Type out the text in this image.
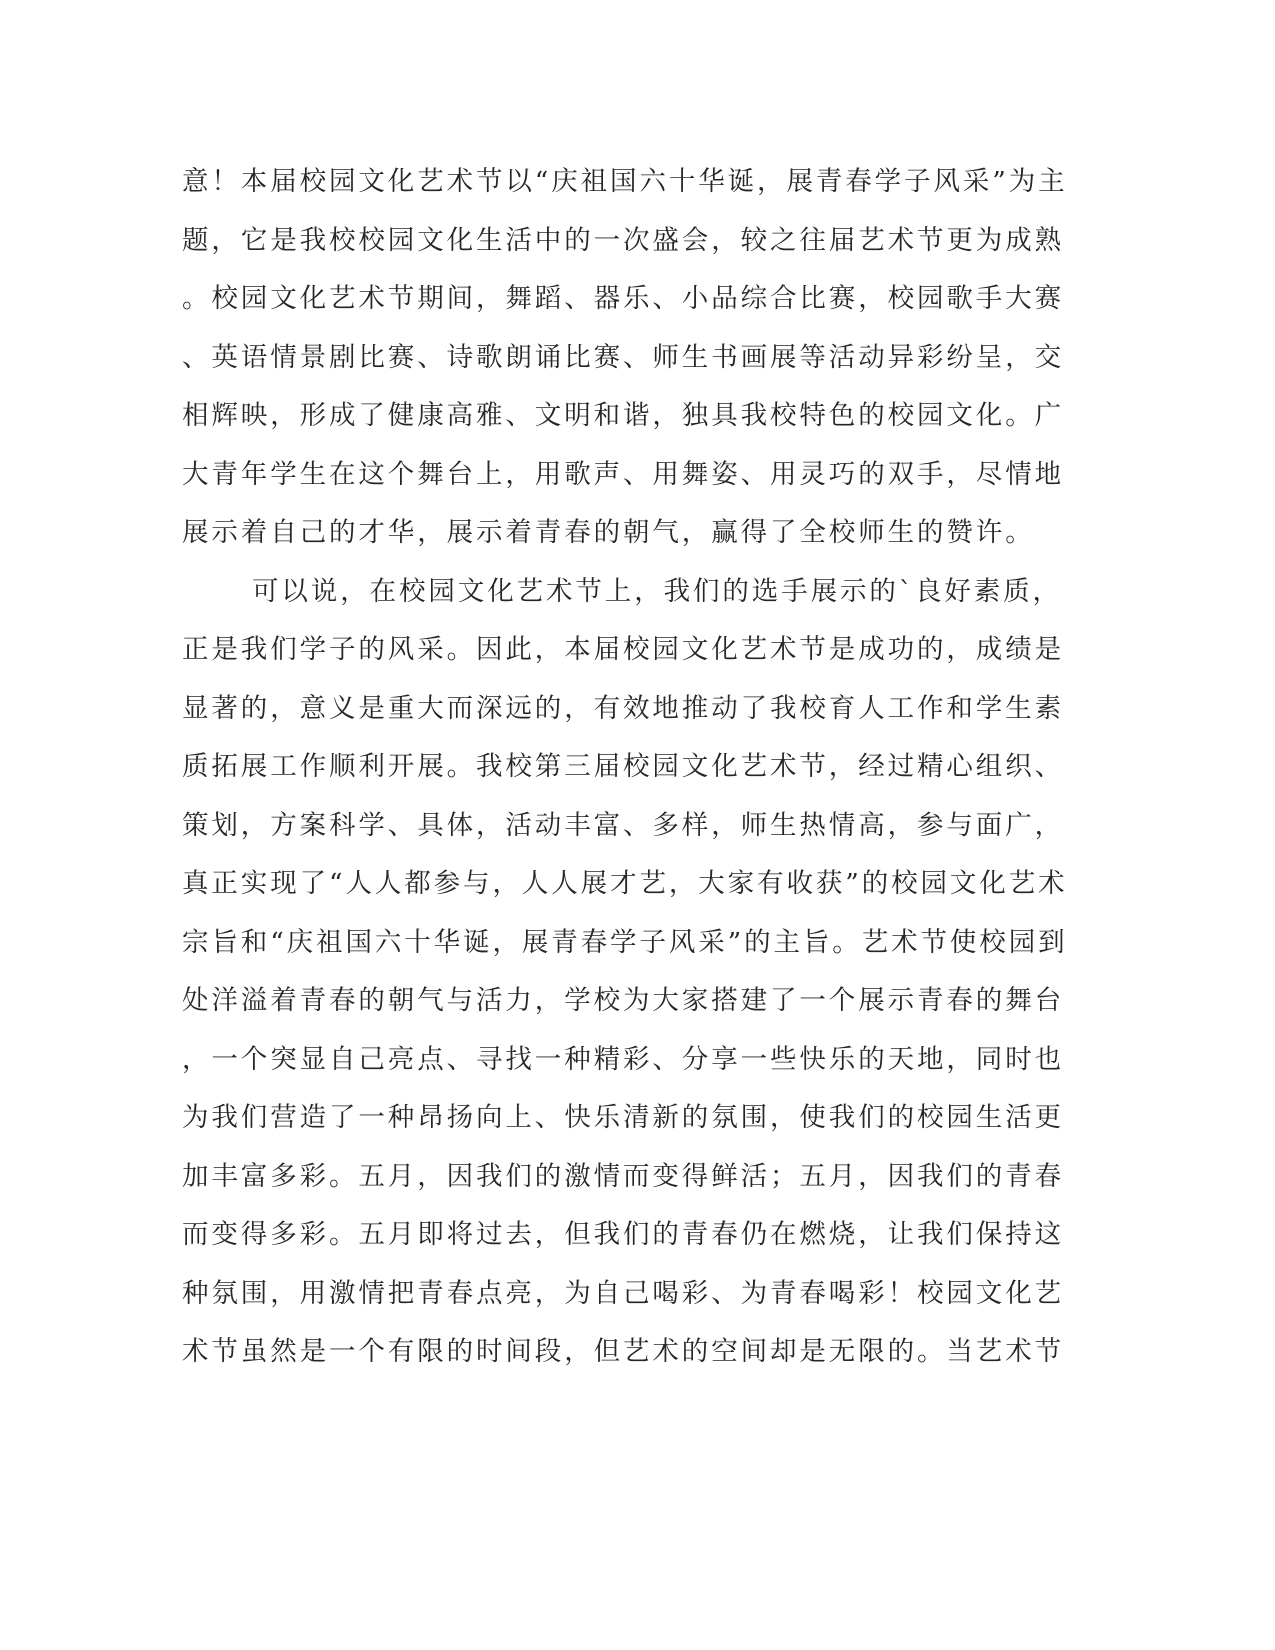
意！本届校园文化艺术节以“庆祖国六十华诞，展青春学子风采”为主
题，它是我校校园文化生活中的一次盛会，较之往届艺术节更为成熟
。校园文化艺术节期间，舞蹈、器乐、小品综合比赛，校园歌手大赛
、英语情景剧比赛、诗歌朗诵比赛、师生书画展等活动异彩纷呈，交
相辉映，形成了健康高雅、文明和谐，独具我校特色的校园文化。广
大青年学生在这个舞台上，用歌声、用舞姿、用灵巧的双手，尽情地
展示着自己的才华，展示着青春的朝气，赢得了全校师生的赞许。
可以说，在校园文化艺术节上，我们的选手展示的`良好素质，
正是我们学子的风采。因此，本届校园文化艺术节是成功的，成绩是
显著的，意义是重大而深远的，有效地推动了我校育人工作和学生素
质拓展工作顺利开展。我校第三届校园文化艺术节，经过精心组织、
策划，方案科学、具体，活动丰富、多样，师生热情高，参与面广，
真正实现了“人人都参与，人人展才艺，大家有收获”的校园文化艺术
宗旨和“庆祖国六十华诞，展青春学子风采”的主旨。艺术节使校园到
处洋溢着青春的朝气与活力，学校为大家搭建了一个展示青春的舞台
，一个突显自己亮点、寻找一种精彩、分享一些快乐的天地，同时也
为我们营造了一种昂扬向上、快乐清新的氛围，使我们的校园生活更
加丰富多彩。五月，因我们的激情而变得鲜活；五月，因我们的青春
而变得多彩。五月即将过去，但我们的青春仍在燃烧，让我们保持这
种氛围，用激情把青春点亮，为自己喝彩、为青春喝彩！校园文化艺
术节虽然是一个有限的时间段，但艺术的空间却是无限的。当艺术节
